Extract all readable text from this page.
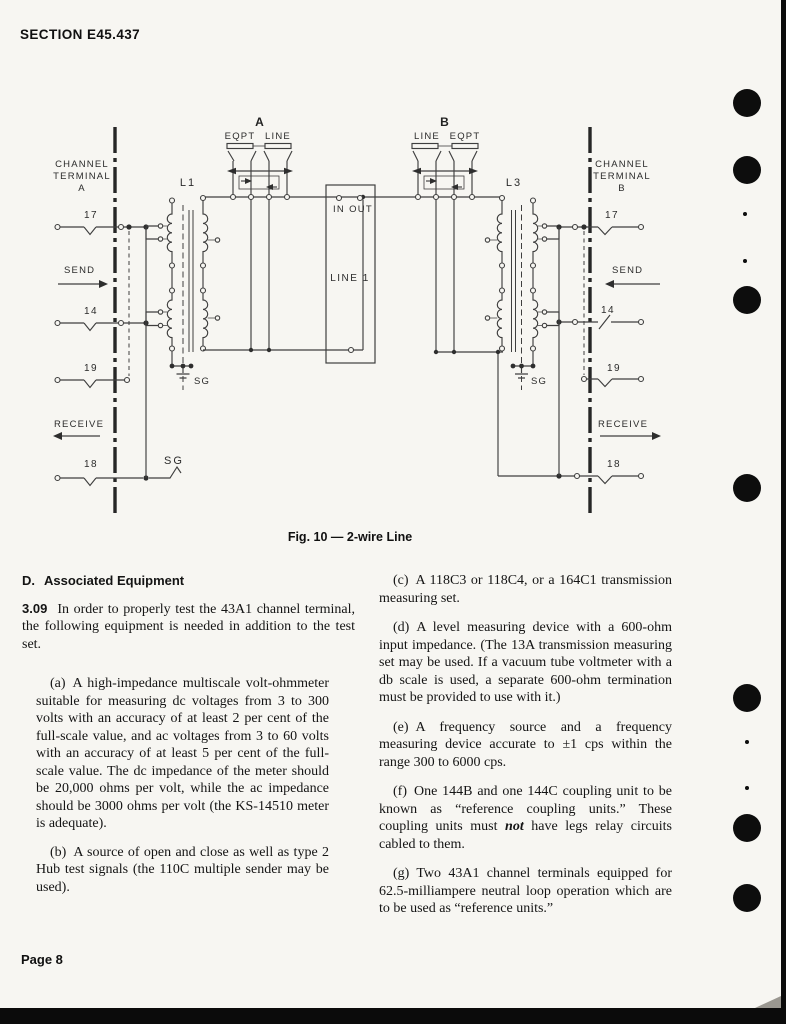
SECTION E45.437
CHANNEL
TERMINAL
A
CHANNEL
TERMINAL
B
17
14
19
18	SG
SEND
RECEIVE
L1
SG
A
EQPT LINE
B
LINE EQPT
IN OUT
LINE 1
L3
SG
17
14
19
18
SEND
RECEIVE
Fig. 10 — 2-wire Line
D. Associated Equipment

3.09 In order to properly test the 43A1 channel terminal, the following equipment is needed in addition to the test set.

(a) A high-impedance multiscale volt-ohmmeter suitable for measuring dc voltages from 3 to 300 volts with an accuracy of at least 2 per cent of the full-scale value, and ac voltages from 3 to 60 volts with an accuracy of at least 5 per cent of the full-scale value. The dc impedance of the meter should be 20,000 ohms per volt, while the ac impedance should be 3000 ohms per volt (the KS-14510 meter is adequate).

(b) A source of open and close as well as type 2 Hub test signals (the 110C multiple sender may be used).

(c) A 118C3 or 118C4, or a 164C1 transmission measuring set.

(d) A level measuring device with a 600-ohm input impedance. (The 13A transmission measuring set may be used. If a vacuum tube voltmeter with a db scale is used, a separate 600-ohm termination must be provided to use with it.)

(e) A frequency source and a frequency measuring device accurate to ±1 cps within the range 300 to 6000 cps.

(f) One 144B and one 144C coupling unit to be known as “reference coupling units.” These coupling units must not have legs relay circuits cabled to them.

(g) Two 43A1 channel terminals equipped for 62.5-milliampere neutral loop operation which are to be used as “reference units.”

Page 8
